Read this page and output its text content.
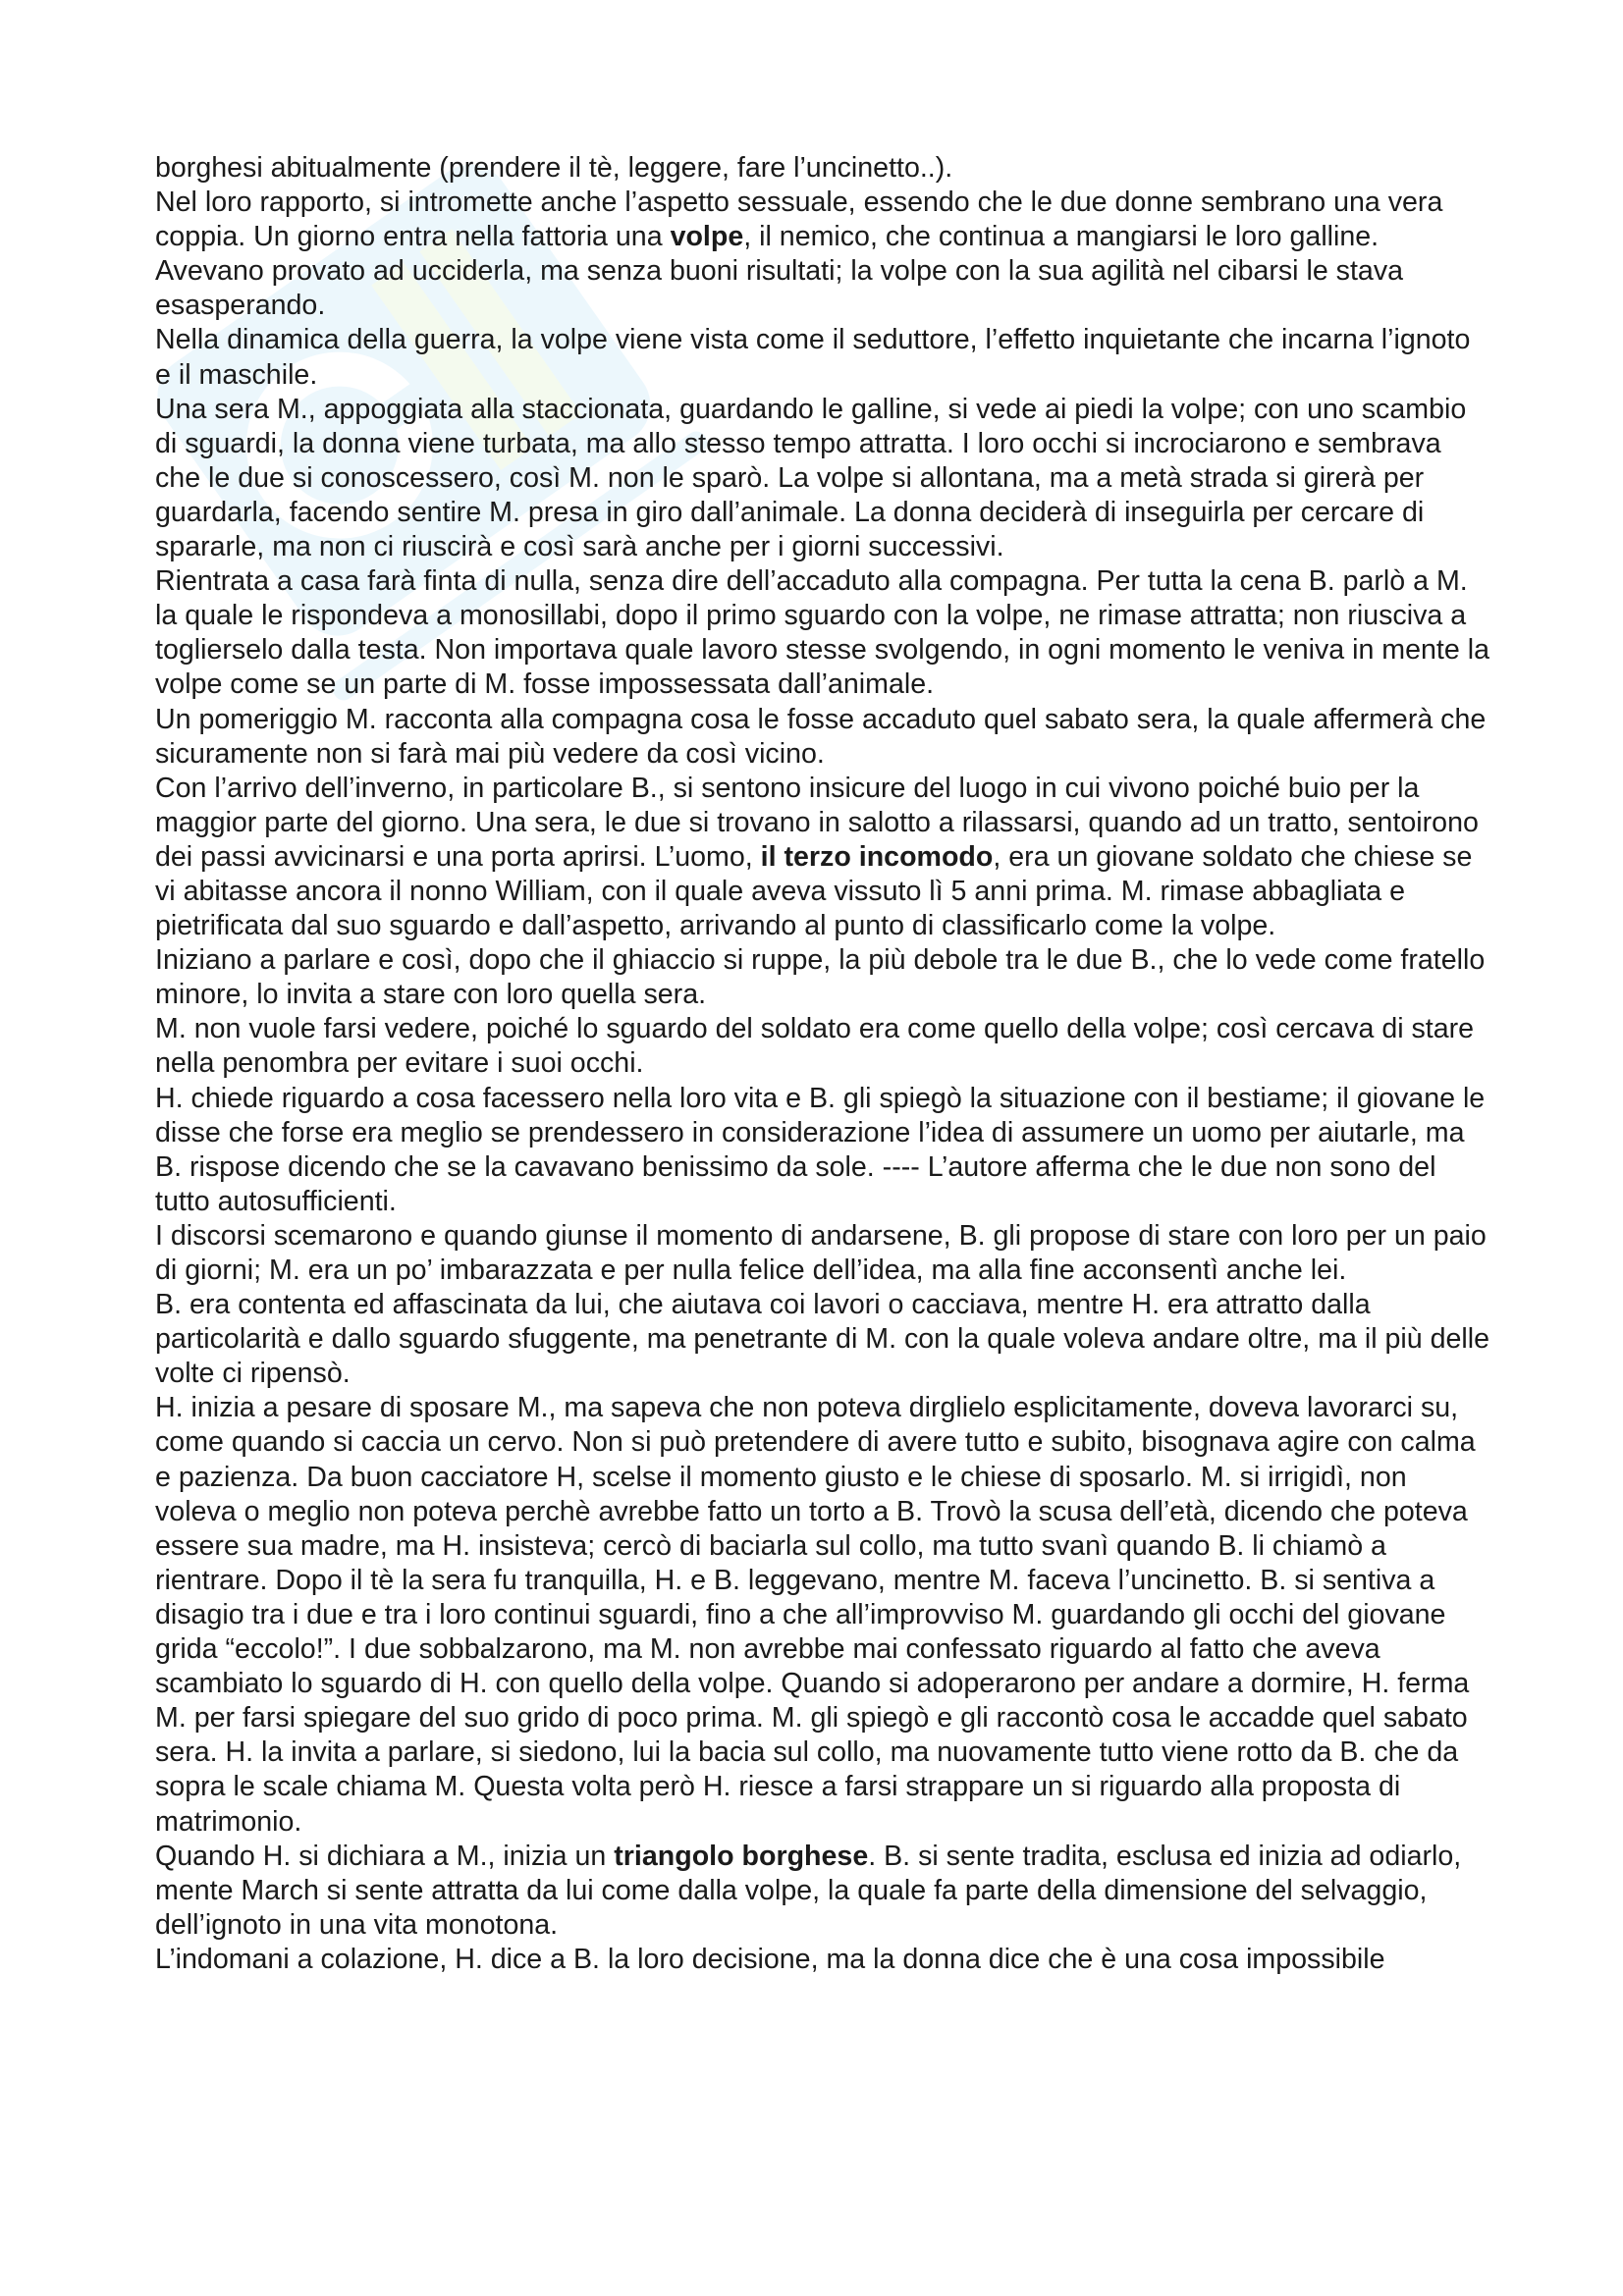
borghesi abitualmente (prendere il tè, leggere, fare l’uncinetto..).

Nel loro rapporto, si intromette anche l’aspetto sessuale, essendo che le due donne sembrano una vera coppia. Un giorno entra nella fattoria una volpe, il nemico, che continua a mangiarsi le loro galline. Avevano provato ad ucciderla, ma senza buoni risultati; la volpe con la sua agilità nel cibarsi le stava esasperando.

Nella dinamica della guerra, la volpe viene vista come il seduttore, l’effetto inquietante che incarna l’ignoto e il maschile.

Una sera M., appoggiata alla staccionata, guardando le galline, si vede ai piedi la volpe; con uno scambio di sguardi, la donna viene turbata, ma allo stesso tempo attratta. I loro occhi si incrociarono e sembrava che le due si conoscessero, così M. non le sparò. La volpe si allontana, ma a metà strada si girerà per guardarla, facendo sentire M. presa in giro dall’animale. La donna deciderà di inseguirla per cercare di spararle, ma non ci riuscirà e così sarà anche per i giorni successivi.

Rientrata a casa farà finta di nulla, senza dire dell’accaduto alla compagna. Per tutta la cena B. parlò a M. la quale le rispondeva a monosillabi, dopo il primo sguardo con la volpe, ne rimase attratta; non riusciva a toglierselo dalla testa. Non importava quale lavoro stesse svolgendo, in ogni momento le veniva in mente la volpe come se un parte di M. fosse impossessata dall’animale.

Un pomeriggio M. racconta alla compagna cosa le fosse accaduto quel sabato sera, la quale affermerà che sicuramente non si farà mai più vedere da così vicino.

Con l’arrivo dell’inverno, in particolare B., si sentono insicure del luogo in cui vivono poiché buio per la maggior parte del giorno. Una sera, le due si trovano in salotto a rilassarsi, quando ad un tratto, sentoirono dei passi avvicinarsi e una porta aprirsi. L’uomo, il terzo incomodo, era un giovane soldato che chiese se vi abitasse ancora il nonno William, con il quale aveva vissuto lì 5 anni prima. M. rimase abbagliata e pietrificata dal suo sguardo e dall’aspetto, arrivando al punto di classificarlo come la volpe.

Iniziano a parlare e così, dopo che il ghiaccio si ruppe, la più debole tra le due B., che lo vede come fratello minore, lo invita a stare con loro quella sera.

M. non vuole farsi vedere, poiché lo sguardo del soldato era come quello della volpe; così cercava di stare nella penombra per evitare i suoi occhi.

H. chiede riguardo a cosa facessero nella loro vita e B. gli spiegò la situazione con il bestiame; il giovane le disse che forse era meglio se prendessero in considerazione l’idea di assumere un uomo per aiutarle, ma B. rispose dicendo che se la cavavano benissimo da sole. ---- L’autore afferma che le due non sono del tutto autosufficienti.

I discorsi scemarono e quando giunse il momento di andarsene, B. gli propose di stare con loro per un paio di giorni; M. era un po’ imbarazzata e per nulla felice dell’idea, ma alla fine acconsentì anche lei.

B. era contenta ed affascinata da lui, che aiutava coi lavori o cacciava, mentre H. era attratto dalla particolarità e dallo sguardo sfuggente, ma penetrante di M. con la quale voleva andare oltre, ma il più delle volte ci ripensò.

H. inizia a pesare di sposare M., ma sapeva che non poteva dirglielo esplicitamente, doveva lavorarci su, come quando si caccia un cervo. Non si può pretendere di avere tutto e subito, bisognava agire con calma e pazienza. Da buon cacciatore H, scelse il momento giusto e le chiese di sposarlo. M. si irrigidì, non voleva o meglio non poteva perchè avrebbe fatto un torto a B. Trovò la scusa dell’età, dicendo che poteva essere sua madre, ma H. insisteva; cercò di baciarla sul collo, ma tutto svanì quando B. li chiamò a rientrare. Dopo il tè la sera fu tranquilla, H. e B. leggevano, mentre M. faceva l’uncinetto. B. si sentiva a disagio tra i due e tra i loro continui sguardi, fino a che all’improvviso M. guardando gli occhi del giovane grida “eccolo!”. I due sobbalzarono, ma M. non avrebbe mai confessato riguardo al fatto che aveva scambiato lo sguardo di H. con quello della volpe. Quando si adoperarono per andare a dormire, H. ferma M. per farsi spiegare del suo grido di poco prima. M. gli spiegò e gli raccontò cosa le accadde quel sabato sera. H. la invita a parlare, si siedono, lui la bacia sul collo, ma nuovamente tutto viene rotto da B. che da sopra le scale chiama M. Questa volta però H. riesce a farsi strappare un si riguardo alla proposta di matrimonio.

Quando H. si dichiara a M., inizia un triangolo borghese. B. si sente tradita, esclusa ed inizia ad odiarlo, mente March si sente attratta da lui come dalla volpe, la quale fa parte della dimensione del selvaggio, dell’ignoto in una vita monotona.

L’indomani a colazione, H. dice a B. la loro decisione, ma la donna dice che è una cosa impossibile
